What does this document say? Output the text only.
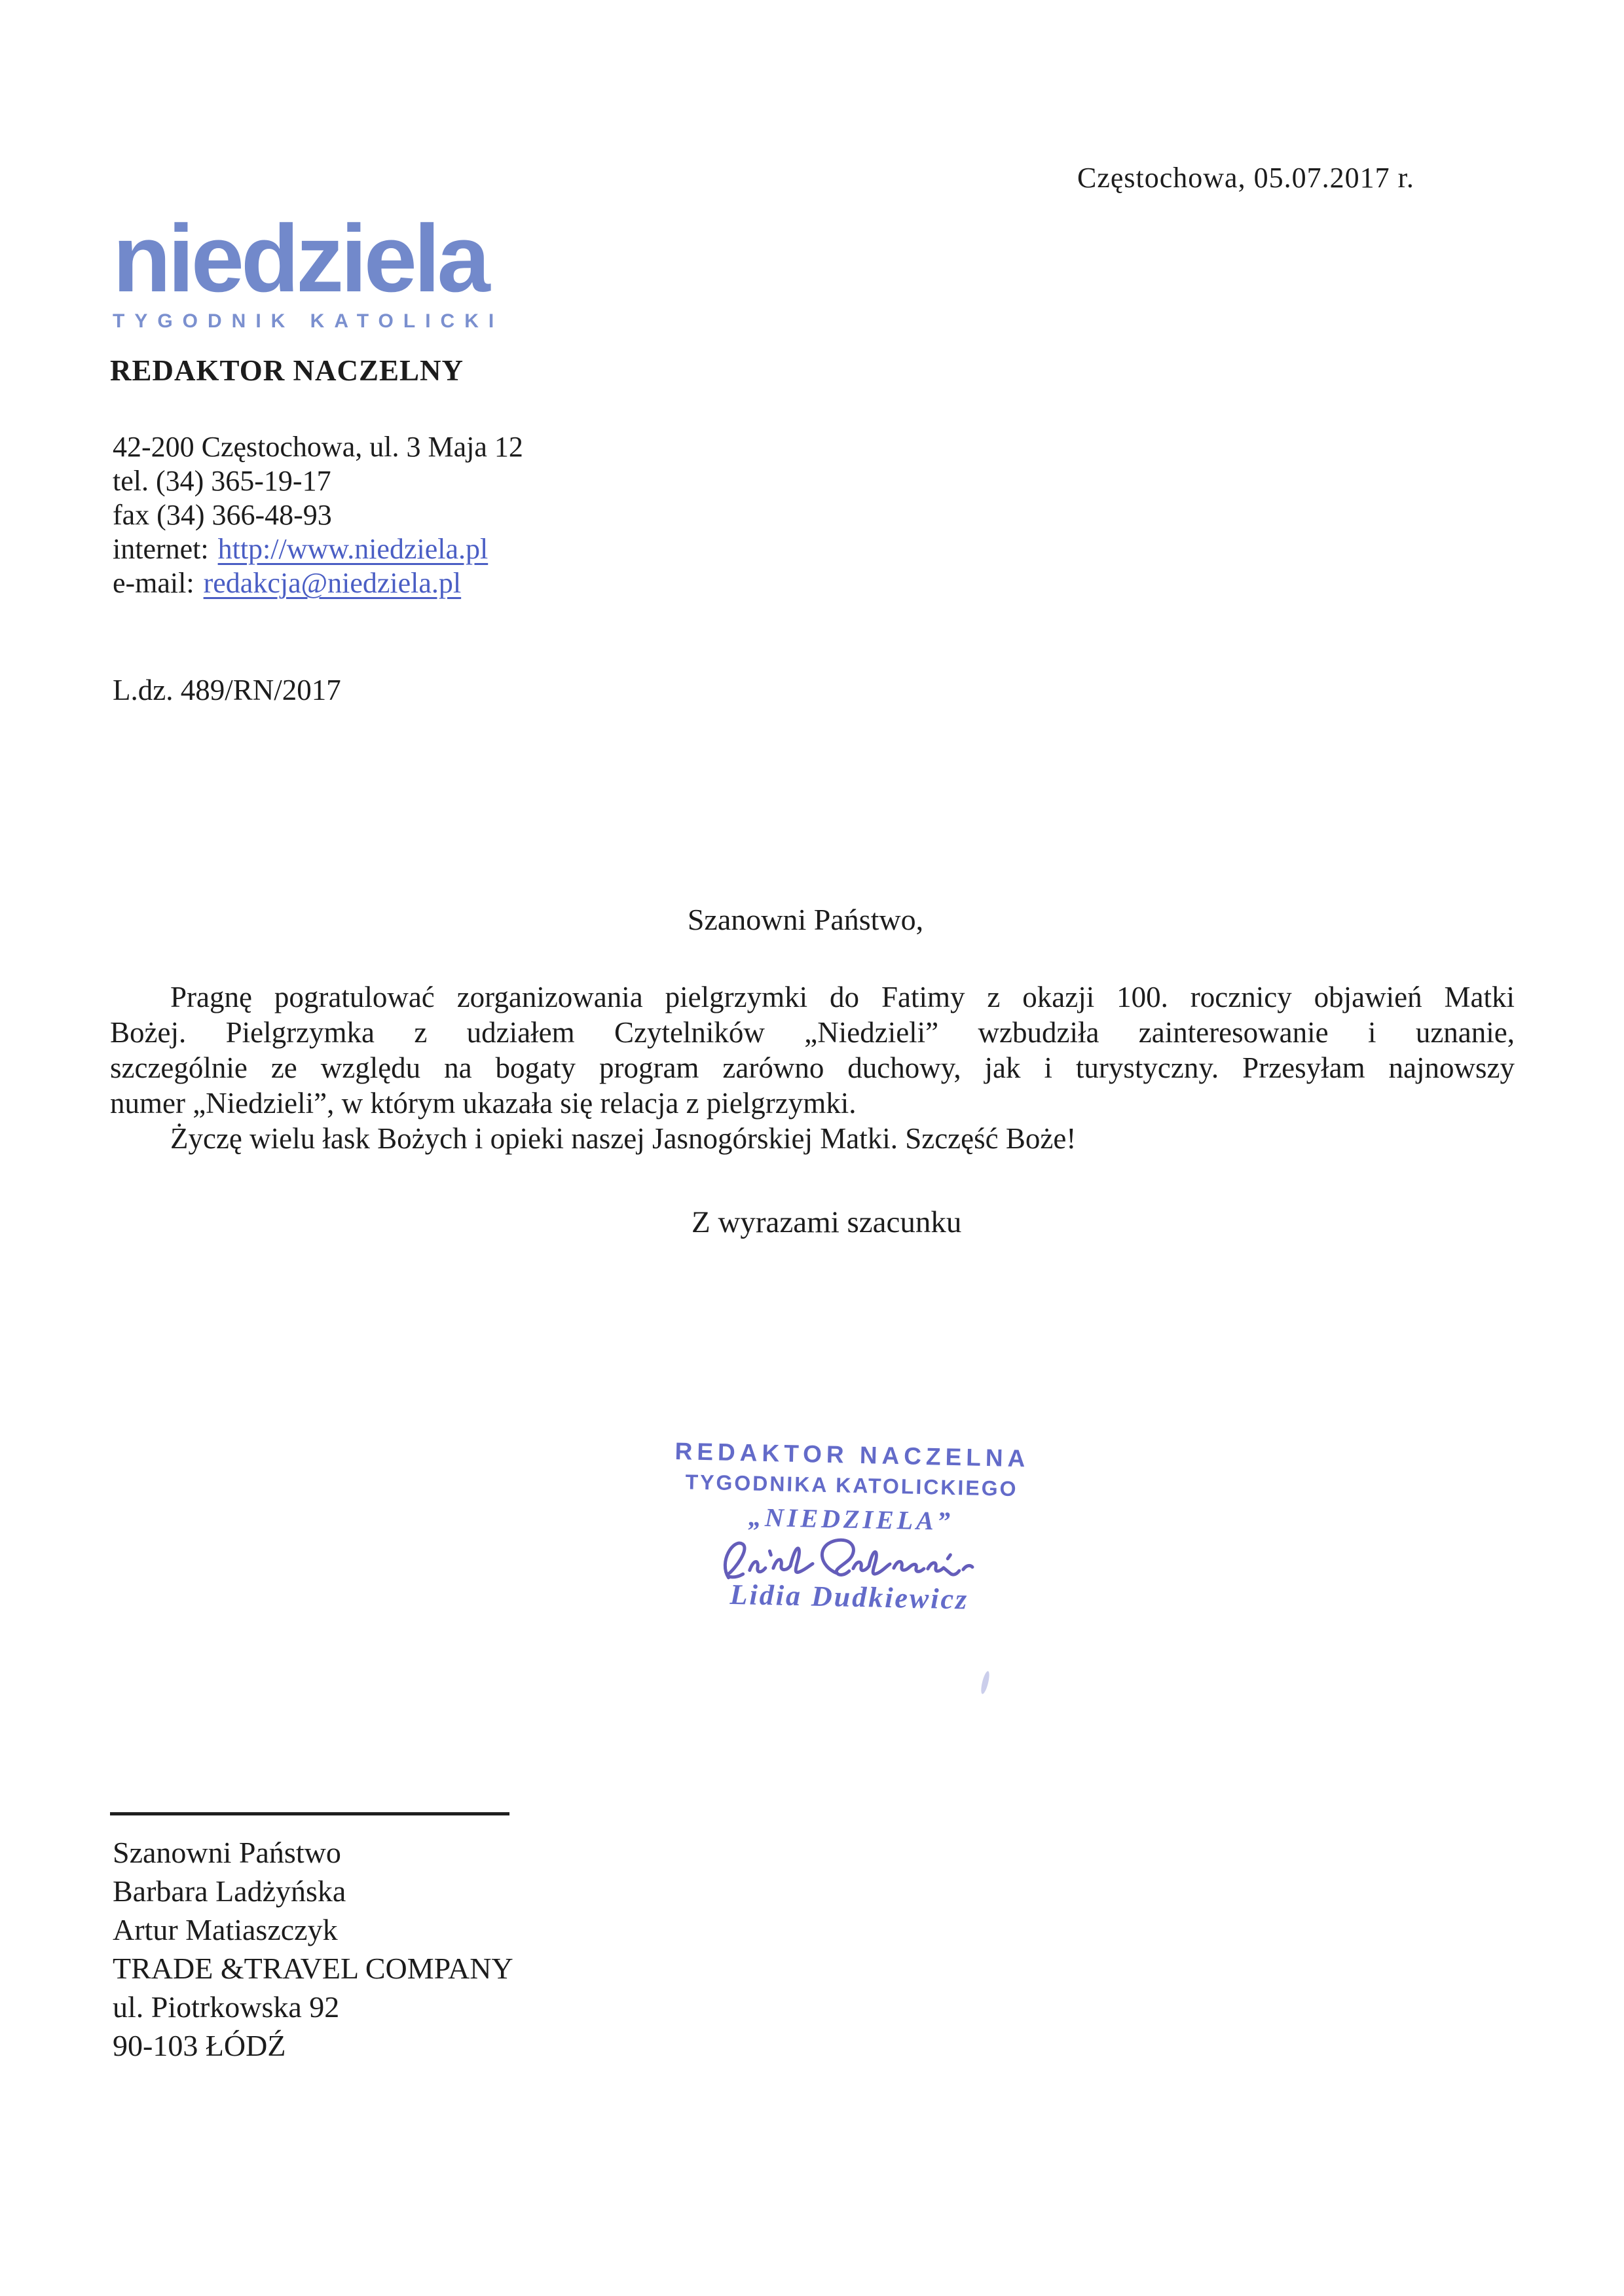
Częstochowa, 05.07.2017 r.
niedziela
TYGODNIK KATOLICKI
REDAKTOR NACZELNY
42-200 Częstochowa, ul. 3 Maja 12
tel. (34) 365-19-17
fax (34) 366-48-93
internet: http://www.niedziela.pl
e-mail: redakcja@niedziela.pl
L.dz. 489/RN/2017
Szanowni Państwo,
Pragnę pogratulować zorganizowania pielgrzymki do Fatimy z okazji 100. rocznicy objawień Matki
Bożej. Pielgrzymka z udziałem Czytelników „Niedzieli” wzbudziła zainteresowanie i uznanie,
szczególnie ze względu na bogaty program zarówno duchowy, jak i turystyczny. Przesyłam najnowszy
numer „Niedzieli”, w którym ukazała się relacja z pielgrzymki.
Życzę wielu łask Bożych i opieki naszej Jasnogórskiej Matki. Szczęść Boże!
Z wyrazami szacunku
REDAKTOR NACZELNA
TYGODNIKA KATOLICKIEGO
„NIEDZIELA”
Lidia Dudkiewicz
Szanowni Państwo
Barbara Ladżyńska
Artur Matiaszczyk
TRADE &TRAVEL COMPANY
ul. Piotrkowska 92
90-103 ŁÓDŹ
